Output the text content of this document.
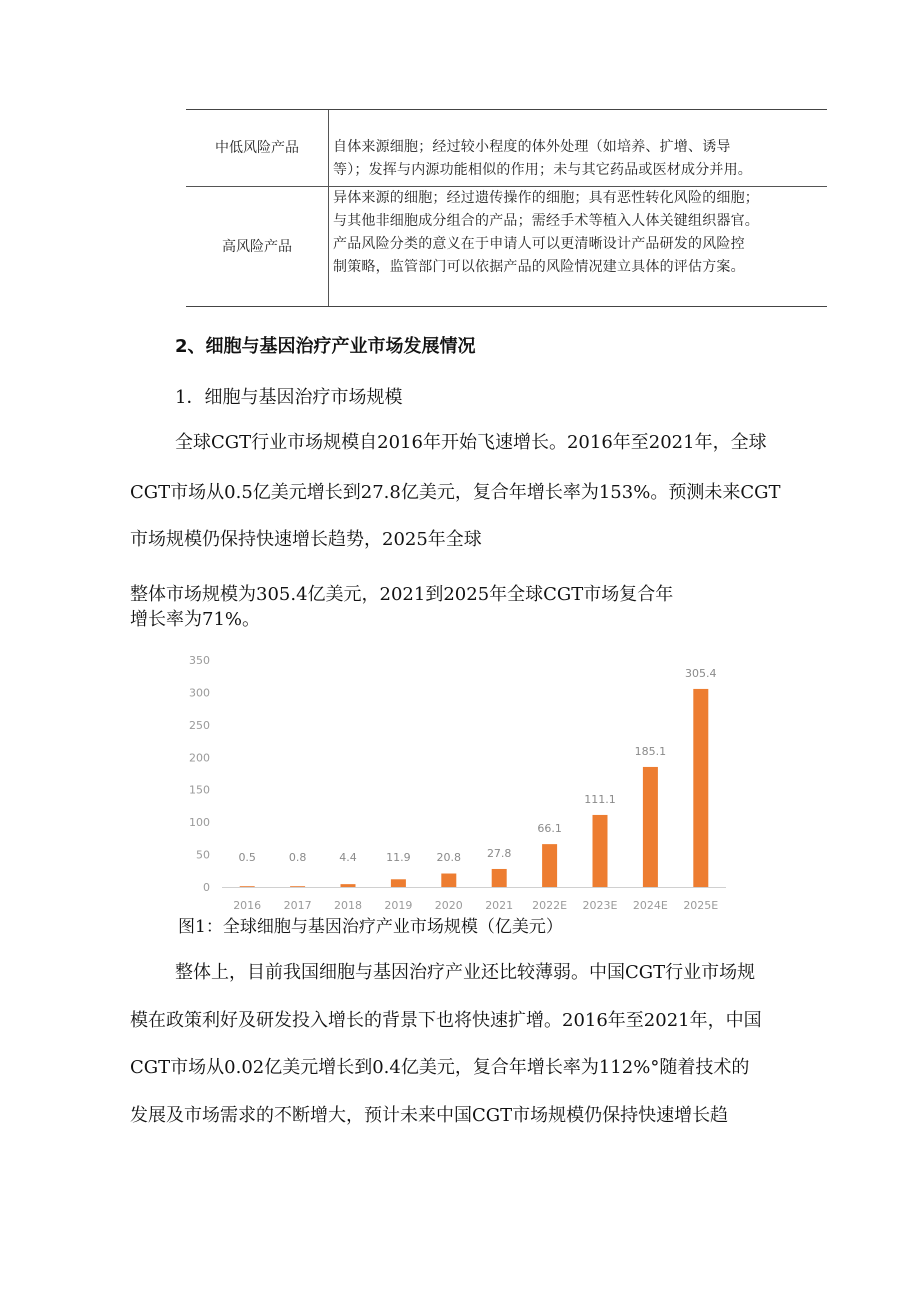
中低风险产品	自体来源细胞；经过较小程度的体外处理（如培养、扩增、诱导
等）；发挥与内源功能相似的作用；未与其它药品或医材成分并用。
高风险产品
异体来源的细胞；经过遗传操作的细胞；具有恶性转化风险的细胞；
与其他非细胞成分组合的产品；需经手术等植入人体关键组织器官。
产品风险分类的意义在于申请人可以更清晰设计产品研发的风险控
制策略，监管部门可以依据产品的风险情况建立具体的评估方案。
2、细胞与基因治疗产业市场发展情况
1．细胞与基因治疗市场规模
全球CGT行业市场规模自2016年开始飞速增长。2016年至2021年，全球
CGT市场从0.5亿美元增长到27.8亿美元，复合年增长率为153%。预测未来CGT
市场规模仍保持快速增长趋势，2025年全球
整体市场规模为305.4亿美元，2021到2025年全球CGT市场复合年
增长率为71%。
0
50
100
150
200
250
300
350
0.5
2016
0.8
2017
4.4
2018
11.9
2019
20.8
2020
27.8
2021
66.1
2022E
111.1
2023E
185.1
2024E
305.4
2025E
图1：全球细胞与基因治疗产业市场规模（亿美元）
整体上，目前我国细胞与基因治疗产业还比较薄弱。中国CGT行业市场规
模在政策利好及研发投入增长的背景下也将快速扩增。2016年至2021年，中国
CGT市场从0.02亿美元增长到0.4亿美元，复合年增长率为112%°随着技术的
发展及市场需求的不断增大，预计未来中国CGT市场规模仍保持快速增长趋
